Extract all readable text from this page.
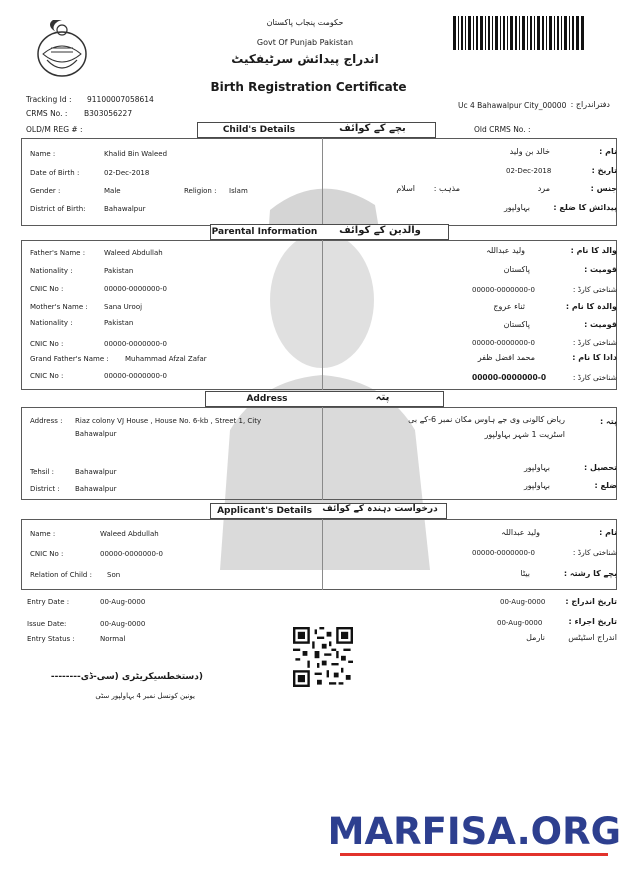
حکومت پنجاب پاکستان
Govt Of Punjab Pakistan
اندراج پیدائش سرٹیفکیٹ
Birth Registration Certificate
Tracking Id : 91100007058614
CRMS No. : B303056227
OLD/M REG # :
Uc 4 Bahawalpur City_00000 دفتراندراج :
Old CRMS No. :
Child's Details	بچے کے کوائف
Name :	Khalid Bin Waleed
Date of Birth :	02-Dec-2018
Gender :	Male	Religion : Islam
District of Birth:	Bahawalpur
نام :
خالد بن ولید
تاریخ :
02-Dec-2018
جنس :
مرد
مذہب :
اسلام
پیدائش کا ضلع :
بہاولپور
Parental Information	والدین کے کوائف
Father's Name :	Waleed Abdullah
Nationality :	Pakistan
CNIC No :	00000-0000000-0
Mother's Name : Sana Urooj
Nationality :	Pakistan
CNIC No :	00000-0000000-0
Grand Father's Name : Muhammad Afzal Zafar
CNIC No :	00000-0000000-0
والد کا نام :
ولید عبداللہ
قومیت :
پاکستان
شناختی کارڈ :
00000-0000000-0
والدہ کا نام :
ثناء عروج
قومیت :
پاکستان
شناختی کارڈ :
00000-0000000-0
دادا کا نام :
محمد افضل ظفر
شناختی کارڈ :
00000-0000000-0
Address	پتہ
Address : Riaz colony VJ House , House No. 6-kb , Street 1, City
Bahawalpur
Tehsil :	Bahawalpur
District : Bahawalpur
پتہ :
ریاض کالونی وی جے ہاوس مکان نمبر 6-کے بی
اسٹریت 1 شہر بہاولپور
تحصیل :
بہاولپور
ضلع :
بہاولپور
Applicant's Details	درخواست دہندہ کے کوائف
Name :	Waleed Abdullah
CNIC No :	00000-0000000-0
Relation of Child : Son
نام :
ولید عبداللہ
شناختی کارڈ :
00000-0000000-0
بچے کا رشتہ :
بیٹا
Entry Date :	00-Aug-0000
Issue Date:	00-Aug-0000
Entry Status :	Normal
تاریخ اندراج :
00-Aug-0000
تاریخ اجراء :
00-Aug-0000
اندراج اسٹیٹس
نارمل
(دستخطسیکریٹری (سی-ڈی--------
یونین کونسل نمبر 4 بہاولپور سٹی
MARFISA.ORG
